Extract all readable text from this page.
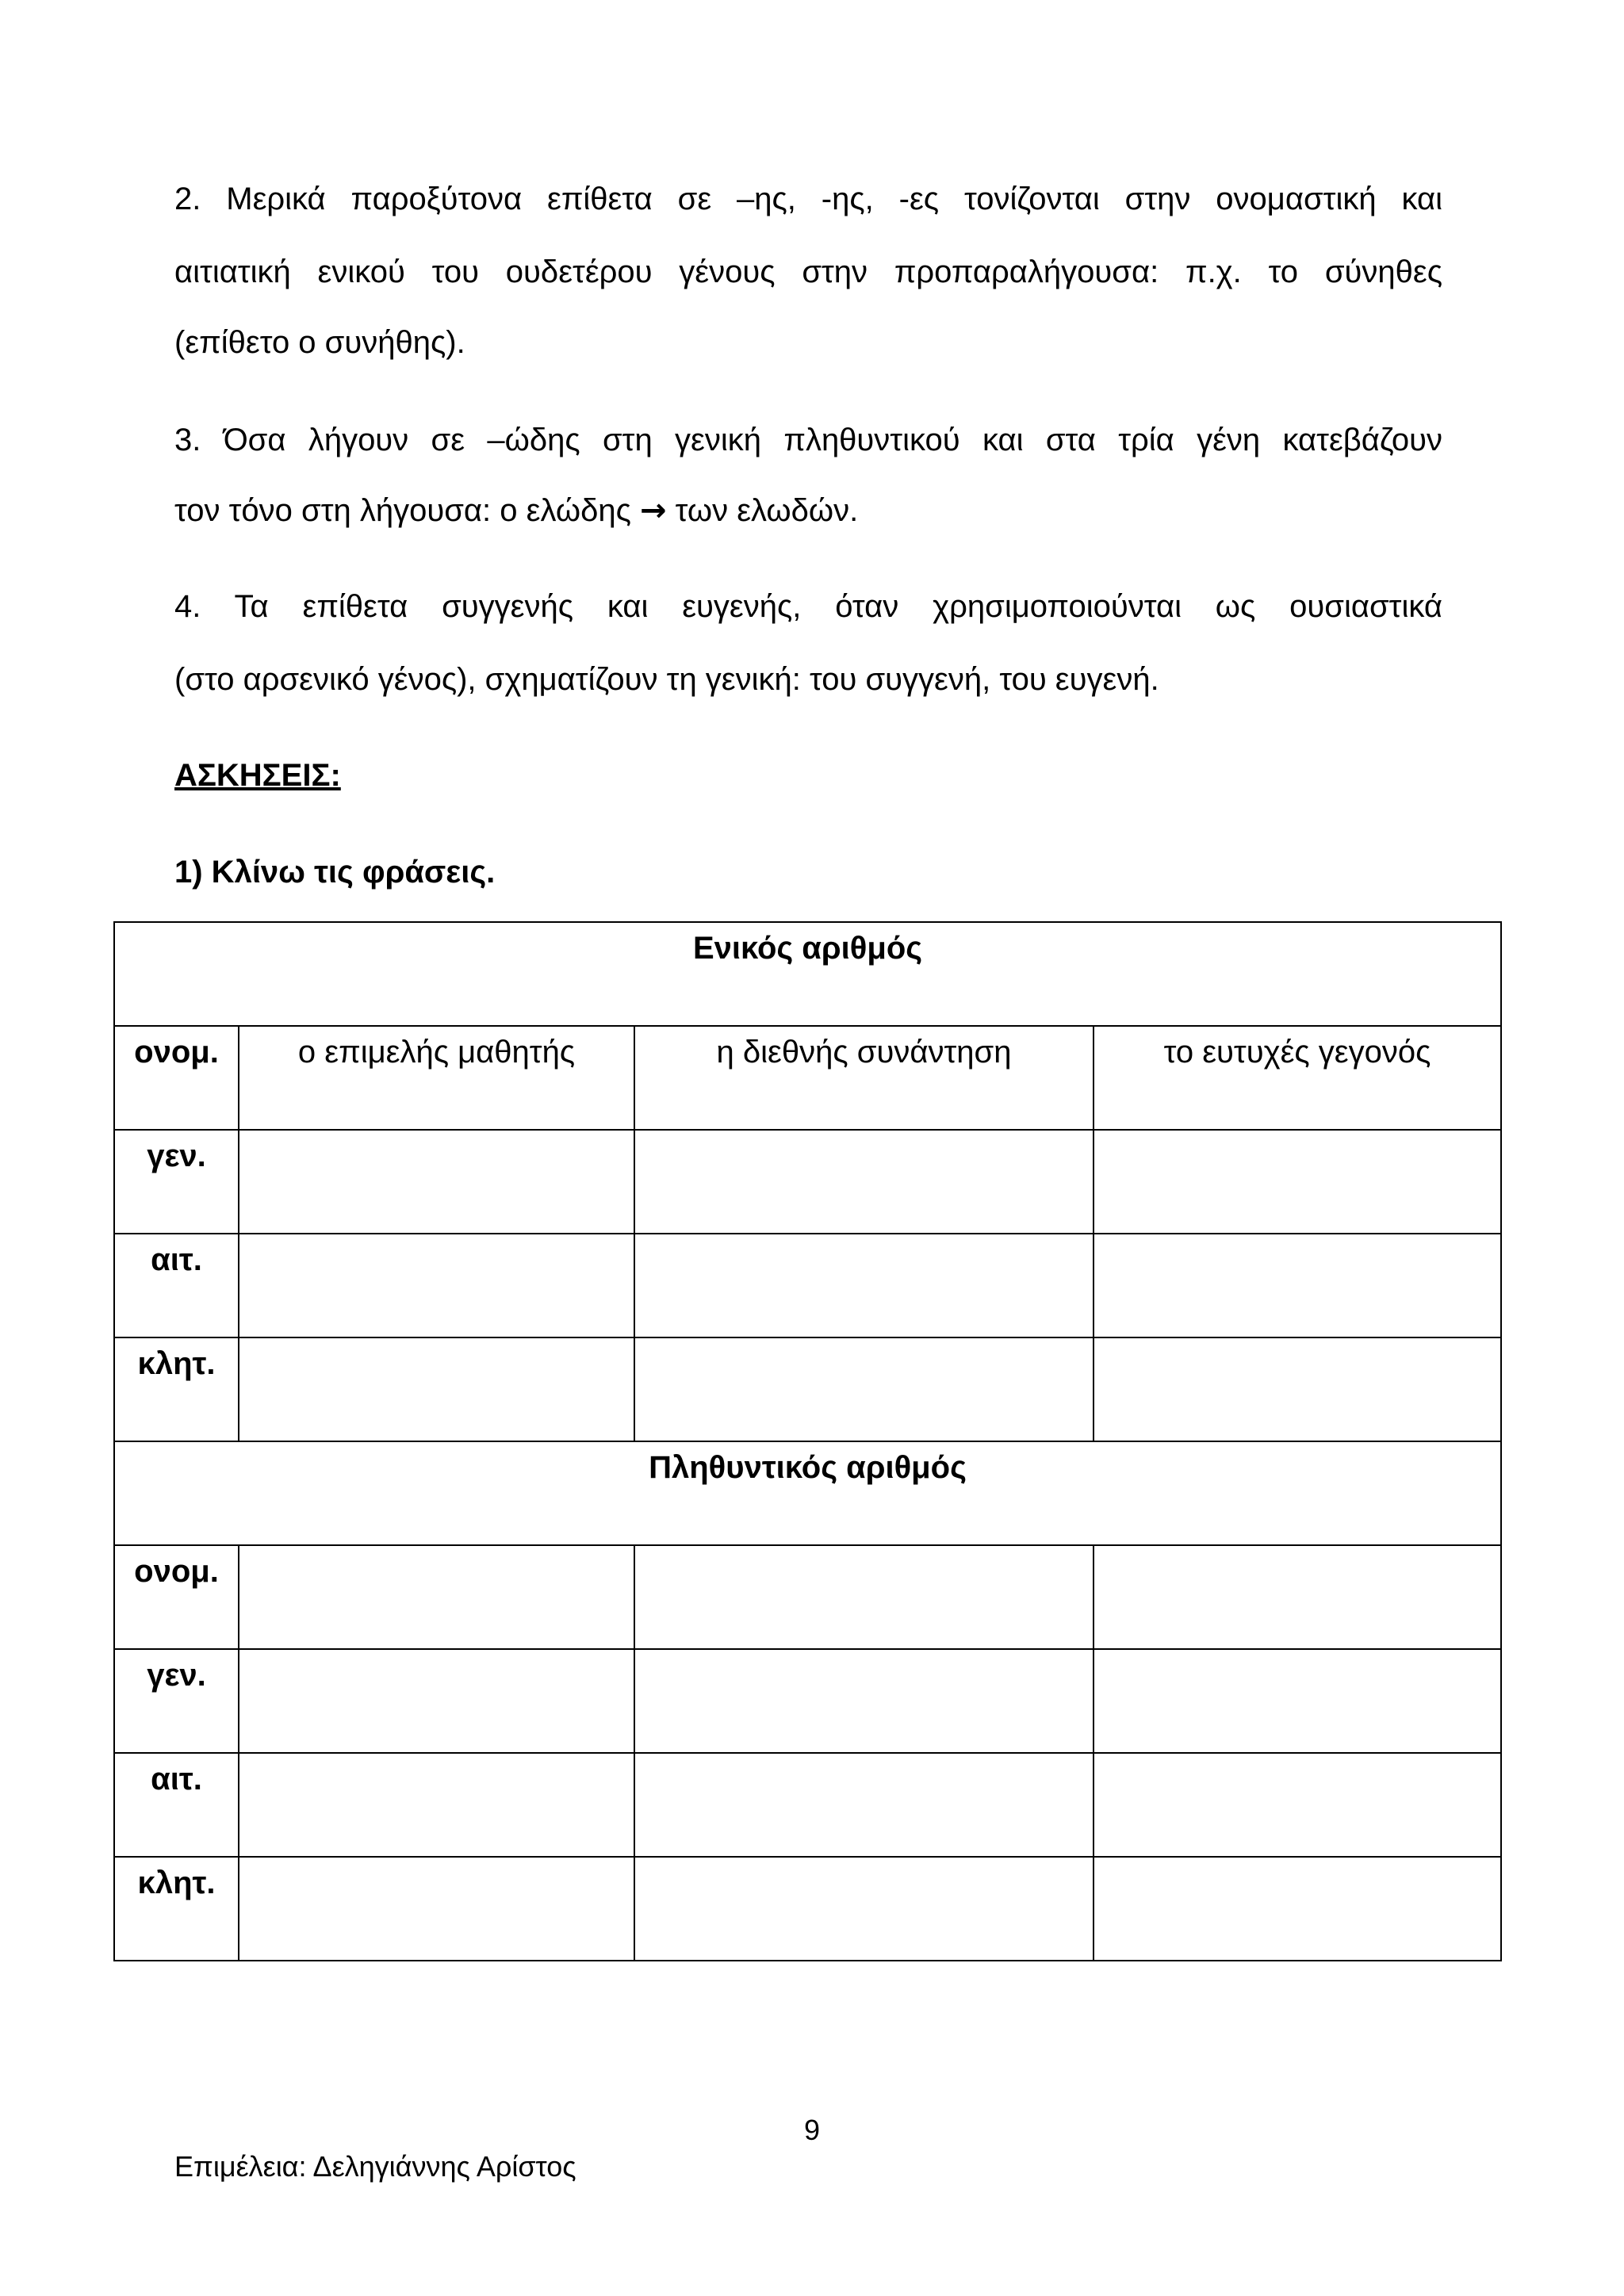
2. Μερικά παροξύτονα επίθετα σε –ης, -ης, -ες τονίζονται στην ονομαστική και
αιτιατική ενικού του ουδετέρου γένους στην προπαραλήγουσα: π.χ. το σύνηθες
(επίθετο ο συνήθης).
3. Όσα λήγουν σε –ώδης στη γενική πληθυντικού και στα τρία γένη κατεβάζουν
τον τόνο στη λήγουσα: ο ελώδης → των ελωδών.
4. Τα επίθετα συγγενής και ευγενής, όταν χρησιμοποιούνται ως ουσιαστικά
(στο αρσενικό γένος), σχηματίζουν τη γενική: του συγγενή, του ευγενή.
ΑΣΚΗΣΕΙΣ:
1) Κλίνω τις φράσεις.
Ενικός αριθμός			
ονομ.	ο επιμελής μαθητής	η διεθνής συνάντηση	το ευτυχές γεγονός
γεν.			
αιτ.			
κλητ.			
Πληθυντικός αριθμός			
ονομ.			
γεν.			
αιτ.			
κλητ.			
9
Επιμέλεια: Δεληγιάννης Αρίστος
